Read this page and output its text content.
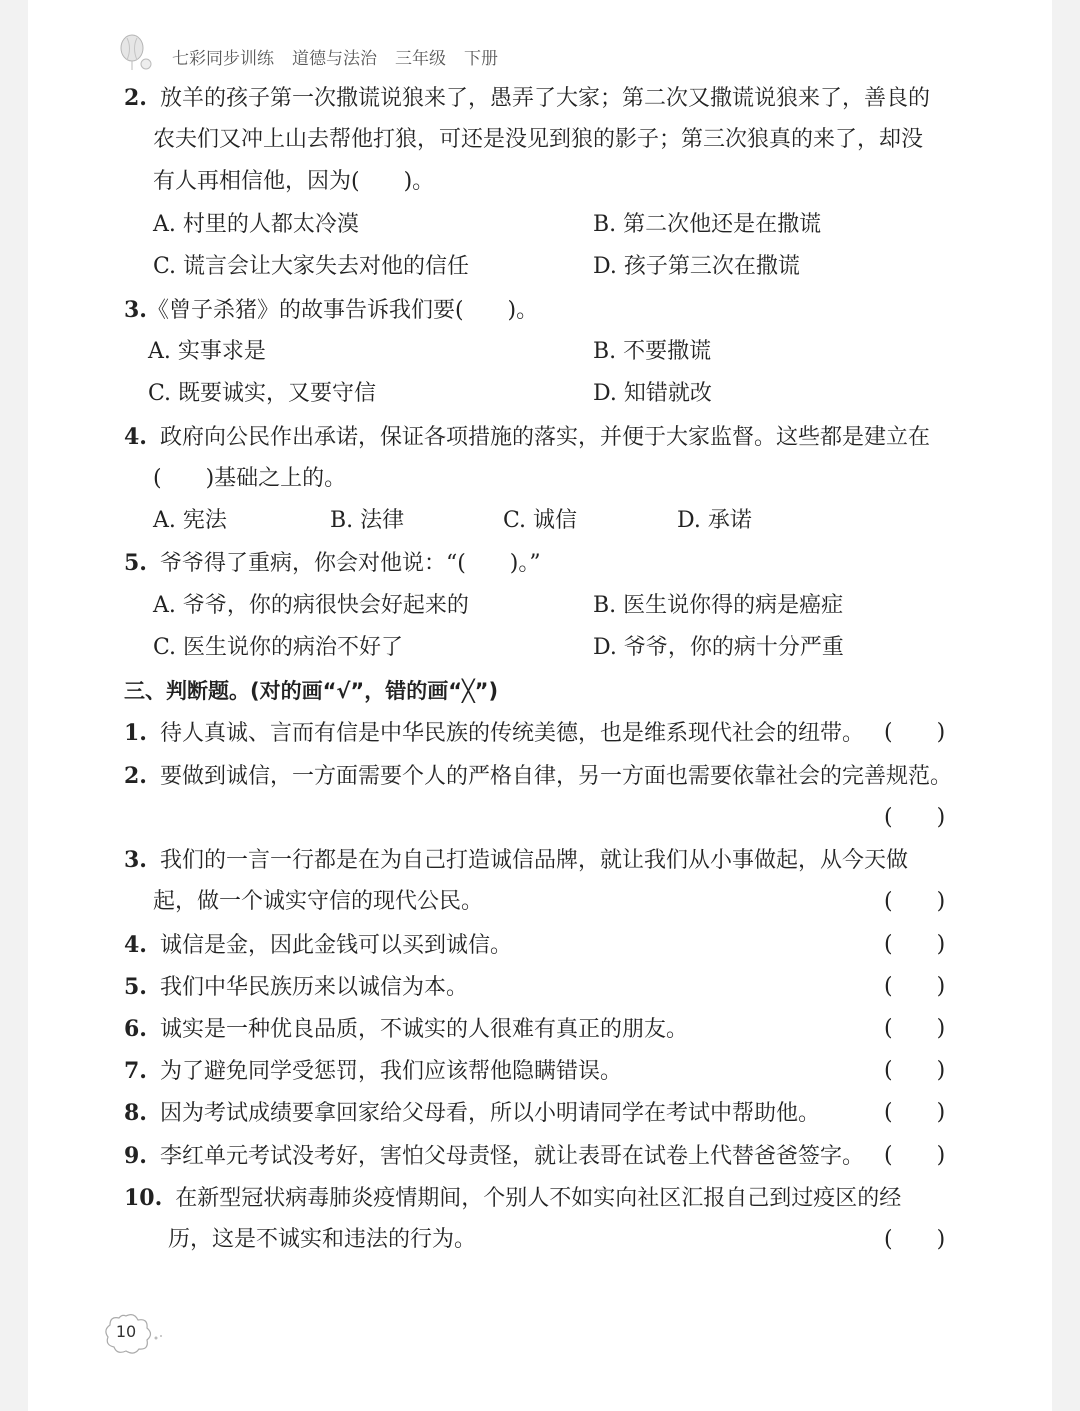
七彩同步训练 道德与法治 三年级 下册
2. 放羊的孩子第一次撒谎说狼来了，愚弄了大家；第二次又撒谎说狼来了，善良的
农夫们又冲上山去帮他打狼，可还是没见到狼的影子；第三次狼真的来了，却没
有人再相信他，因为(　　)。
A. 村里的人都太冷漠	B. 第二次他还是在撒谎
C. 谎言会让大家失去对他的信任	D. 孩子第三次在撒谎
3.《曾子杀猪》的故事告诉我们要(　　)。
A. 实事求是	B. 不要撒谎
C. 既要诚实，又要守信	D. 知错就改
4. 政府向公民作出承诺，保证各项措施的落实，并便于大家监督。这些都是建立在
(　　)基础之上的。
A. 宪法	B. 法律	C. 诚信	D. 承诺
5. 爷爷得了重病，你会对他说：“(　　)。”
A. 爷爷，你的病很快会好起来的	B. 医生说你得的病是癌症
C. 医生说你的病治不好了	D. 爷爷，你的病十分严重
三、判断题。(对的画“√”，错的画“╳”)
1. 待人真诚、言而有信是中华民族的传统美德，也是维系现代社会的纽带。 (　　)
2. 要做到诚信，一方面需要个人的严格自律，另一方面也需要依靠社会的完善规范。
(　　)
3. 我们的一言一行都是在为自己打造诚信品牌，就让我们从小事做起，从今天做
起，做一个诚实守信的现代公民。	(　　)
4. 诚信是金，因此金钱可以买到诚信。	(　　)
5. 我们中华民族历来以诚信为本。	(　　)
6. 诚实是一种优良品质，不诚实的人很难有真正的朋友。	(　　)
7. 为了避免同学受惩罚，我们应该帮他隐瞒错误。	(　　)
8. 因为考试成绩要拿回家给父母看，所以小明请同学在考试中帮助他。	(　　)
9. 李红单元考试没考好，害怕父母责怪，就让表哥在试卷上代替爸爸签字。 (　　)
10. 在新型冠状病毒肺炎疫情期间，个别人不如实向社区汇报自己到过疫区的经
历，这是不诚实和违法的行为。	(　　)
10
